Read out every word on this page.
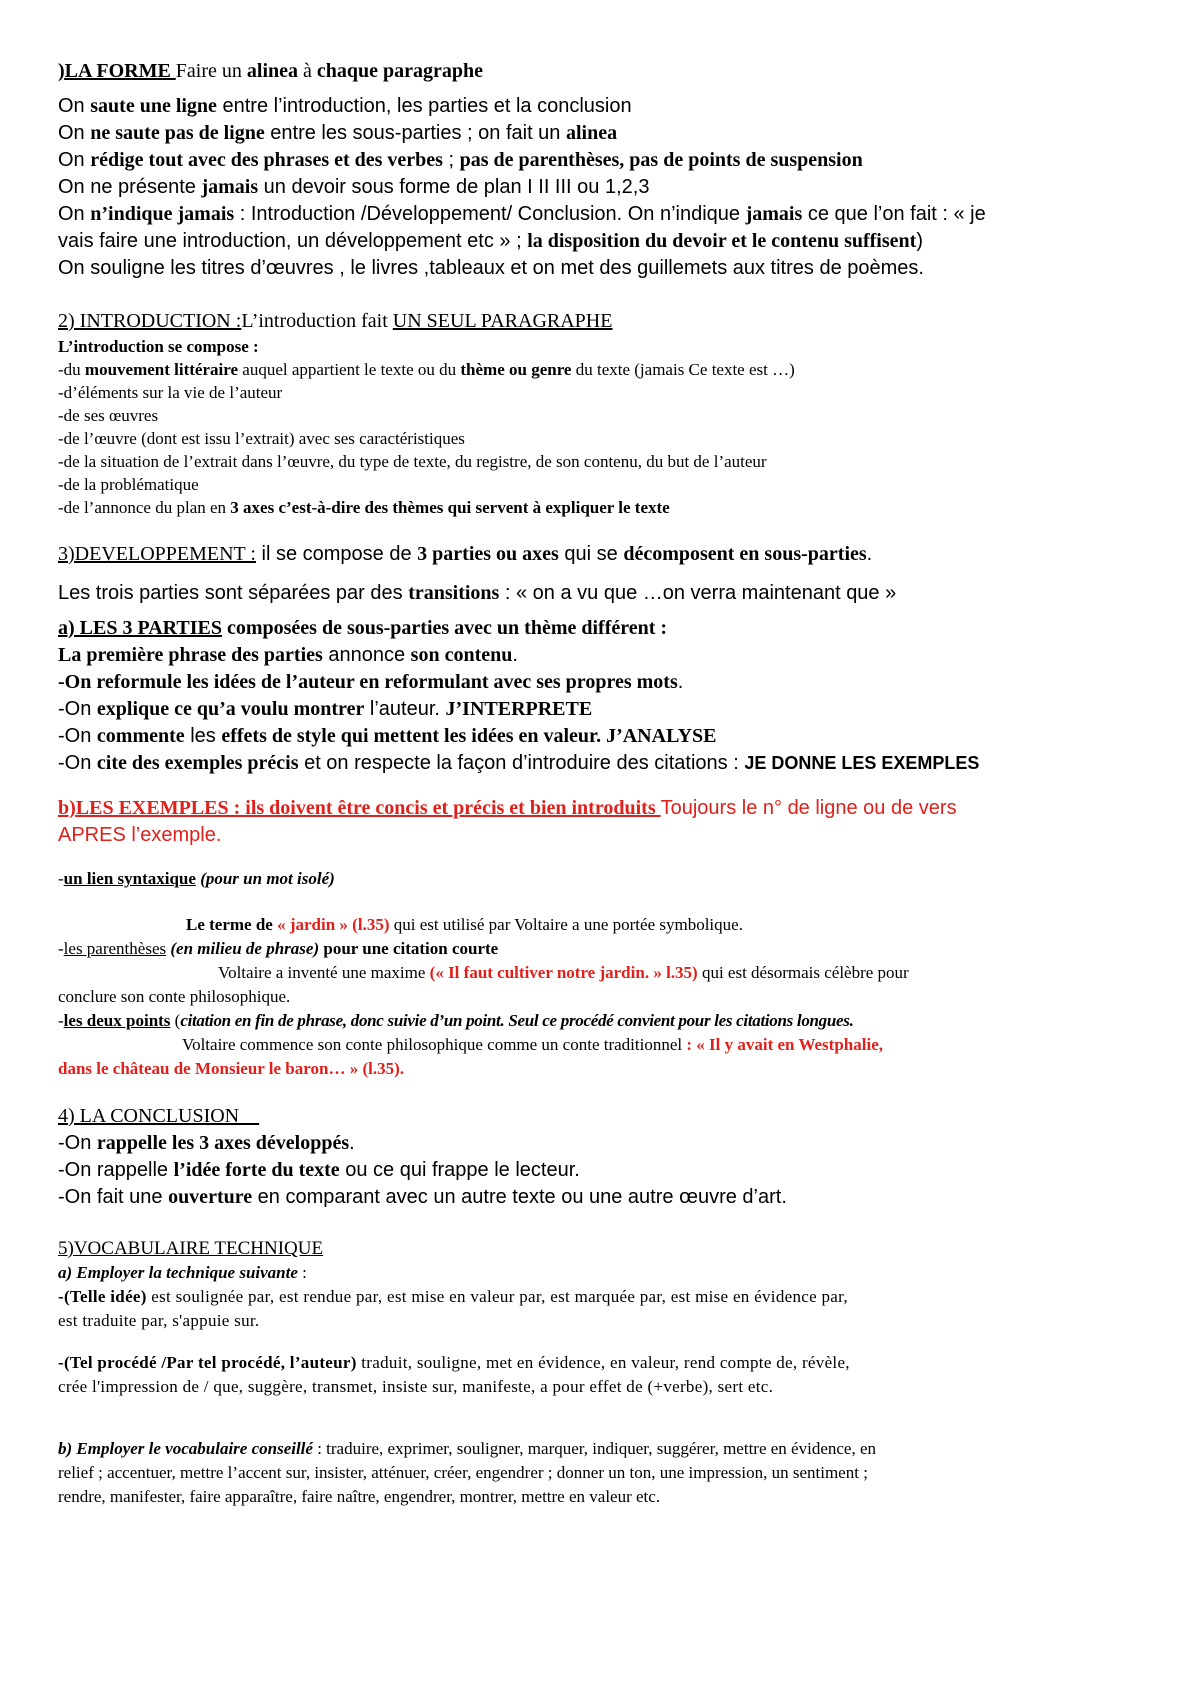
)LA FORME Faire un alinea à chaque paragraphe
On saute une ligne entre l’introduction, les parties et la conclusion
On ne saute pas de ligne entre les sous-parties ; on fait un alinea
On rédige tout avec des phrases et des verbes ; pas de parenthèses, pas de points de suspension
On ne présente jamais un devoir sous forme de plan I II III ou 1,2,3
On n’indique jamais : Introduction /Développement/ Conclusion. On n’indique jamais ce que l’on fait : « je
vais faire une introduction, un développement etc » ; la disposition du devoir et le contenu suffisent)
On souligne les titres d’œuvres , le livres ,tableaux et on met des guillemets aux titres de poèmes.
2) INTRODUCTION :L’introduction fait UN SEUL PARAGRAPHE
L’introduction se compose :
-du mouvement littéraire auquel appartient le texte ou du thème ou genre du texte (jamais Ce texte est …)
-d’éléments sur la vie de l’auteur
-de ses œuvres
-de l’œuvre (dont est issu l’extrait) avec ses caractéristiques
-de la situation de l’extrait dans l’œuvre, du type de texte, du registre, de son contenu, du but de l’auteur
-de la problématique
-de l’annonce du plan en 3 axes c’est-à-dire des thèmes qui servent à expliquer le texte
3)DEVELOPPEMENT : il se compose de 3 parties ou axes qui se décomposent en sous-parties.
Les trois parties sont séparées par des transitions : « on a vu que …on verra maintenant que »
a) LES 3 PARTIES composées de sous-parties avec un thème différent :
La première phrase des parties annonce son contenu.
-On reformule les idées de l’auteur en reformulant avec ses propres mots.
-On explique ce qu’a voulu montrer l’auteur. J’INTERPRETE
-On commente les effets de style qui mettent les idées en valeur. J’ANALYSE
-On cite des exemples précis et on respecte la façon d’introduire des citations : JE DONNE LES EXEMPLES
b)LES EXEMPLES : ils doivent être concis et précis et bien introduits Toujours le n° de ligne ou de vers
APRES l’exemple.
-un lien syntaxique (pour un mot isolé)
Le terme de « jardin » (l.35) qui est utilisé par Voltaire a une portée symbolique.
-les parenthèses (en milieu de phrase) pour une citation courte
Voltaire a inventé une maxime (« Il faut cultiver notre jardin. » l.35) qui est désormais célèbre pour
conclure son conte philosophique.
-les deux points (citation en fin de phrase, donc suivie d’un point. Seul ce procédé convient pour les citations longues.
Voltaire commence son conte philosophique comme un conte traditionnel : « Il y avait en Westphalie,
dans le château de Monsieur le baron… » (l.35).
4) LA CONCLUSION
-On rappelle les 3 axes développés.
-On rappelle l’idée forte du texte ou ce qui frappe le lecteur.
-On fait une ouverture en comparant avec un autre texte ou une autre œuvre d’art.
5)VOCABULAIRE TECHNIQUE
a) Employer la technique suivante :
-(Telle idée) est soulignée par, est rendue par, est mise en valeur par, est marquée par, est mise en évidence par,
est traduite par, s'appuie sur.
-(Tel procédé /Par tel procédé, l’auteur) traduit, souligne, met en évidence, en valeur, rend compte de, révèle,
crée l'impression de / que, suggère, transmet, insiste sur, manifeste, a pour effet de (+verbe), sert etc.
b) Employer le vocabulaire conseillé : traduire, exprimer, souligner, marquer, indiquer, suggérer, mettre en évidence, en
relief ; accentuer, mettre l’accent sur, insister, atténuer, créer, engendrer ; donner un ton, une impression, un sentiment ;
rendre, manifester, faire apparaître, faire naître, engendrer, montrer, mettre en valeur etc.
